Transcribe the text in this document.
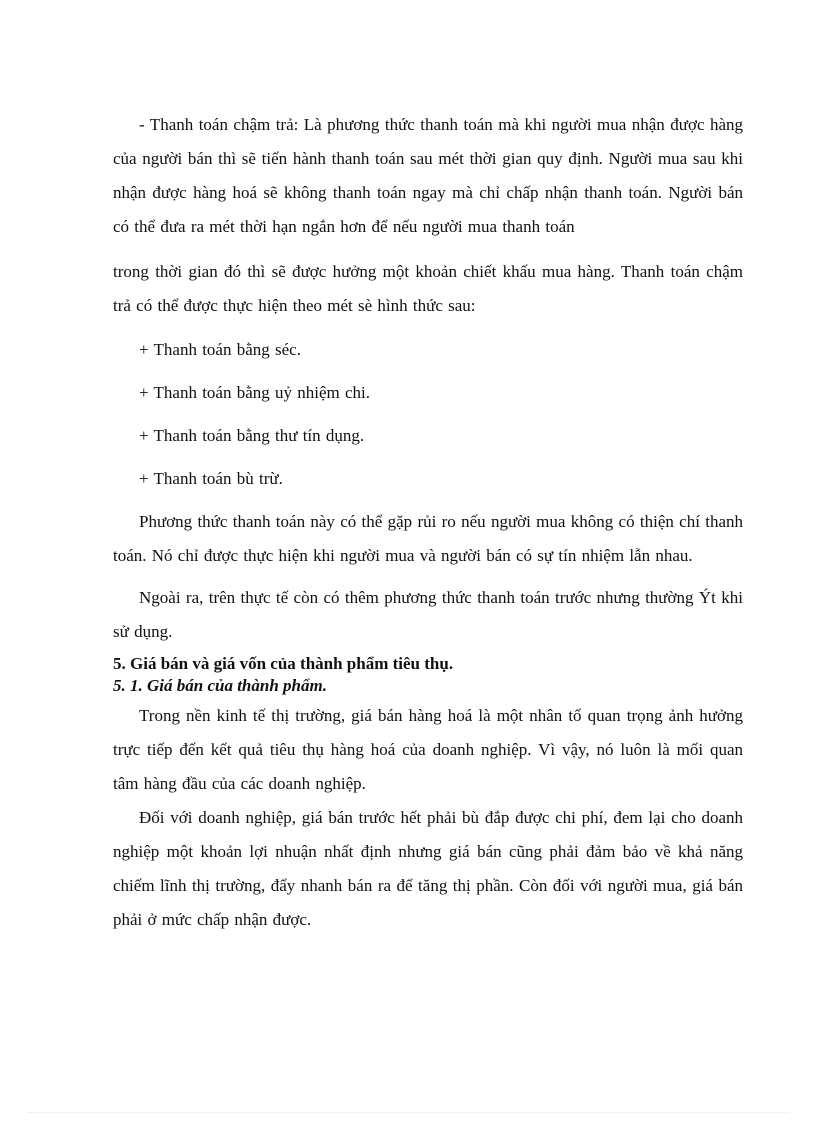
- Thanh toán chậm trả: Là phương thức thanh toán mà khi người mua nhận được hàng của người bán thì sẽ tiến hành thanh toán sau mét thời gian quy định. Người mua sau khi nhận được hàng hoá sẽ không thanh toán ngay mà chỉ chấp nhận thanh toán. Người bán có thể đưa ra mét thời hạn ngắn hơn để nếu người mua thanh toán

trong thời gian đó thì sẽ được hưởng một khoản chiết khấu mua hàng. Thanh toán chậm trả có thể được thực hiện theo mét sè hình thức sau:

+ Thanh toán bằng séc.

+ Thanh toán bằng uỷ nhiệm chi.

+ Thanh toán bằng thư tín dụng.

+ Thanh toán bù trừ.

Phương thức thanh toán này có thể gặp rủi ro nếu người mua không có thiện chí thanh toán. Nó chỉ được thực hiện khi người mua và người bán có sự tín nhiệm lẫn nhau.

Ngoài ra, trên thực tế còn có thêm phương thức thanh toán trước nhưng thường Ýt khi sử dụng.

5. Giá bán và giá vốn của thành phẩm tiêu thụ.
5. 1. Giá bán của thành phẩm.

Trong nền kinh tế thị trường, giá bán hàng hoá là một nhân tố quan trọng ảnh hưởng trực tiếp đến kết quả tiêu thụ hàng hoá của doanh nghiệp. Vì vậy, nó luôn là mối quan tâm hàng đầu của các doanh nghiệp.

Đối với doanh nghiệp, giá bán trước hết phải bù đắp được chi phí, đem lại cho doanh nghiệp một khoản lợi nhuận nhất định nhưng giá bán cũng phải đảm bảo về khả năng chiếm lĩnh thị trường, đẩy nhanh bán ra để tăng thị phần. Còn đối với người mua, giá bán phải ở mức chấp nhận được.
